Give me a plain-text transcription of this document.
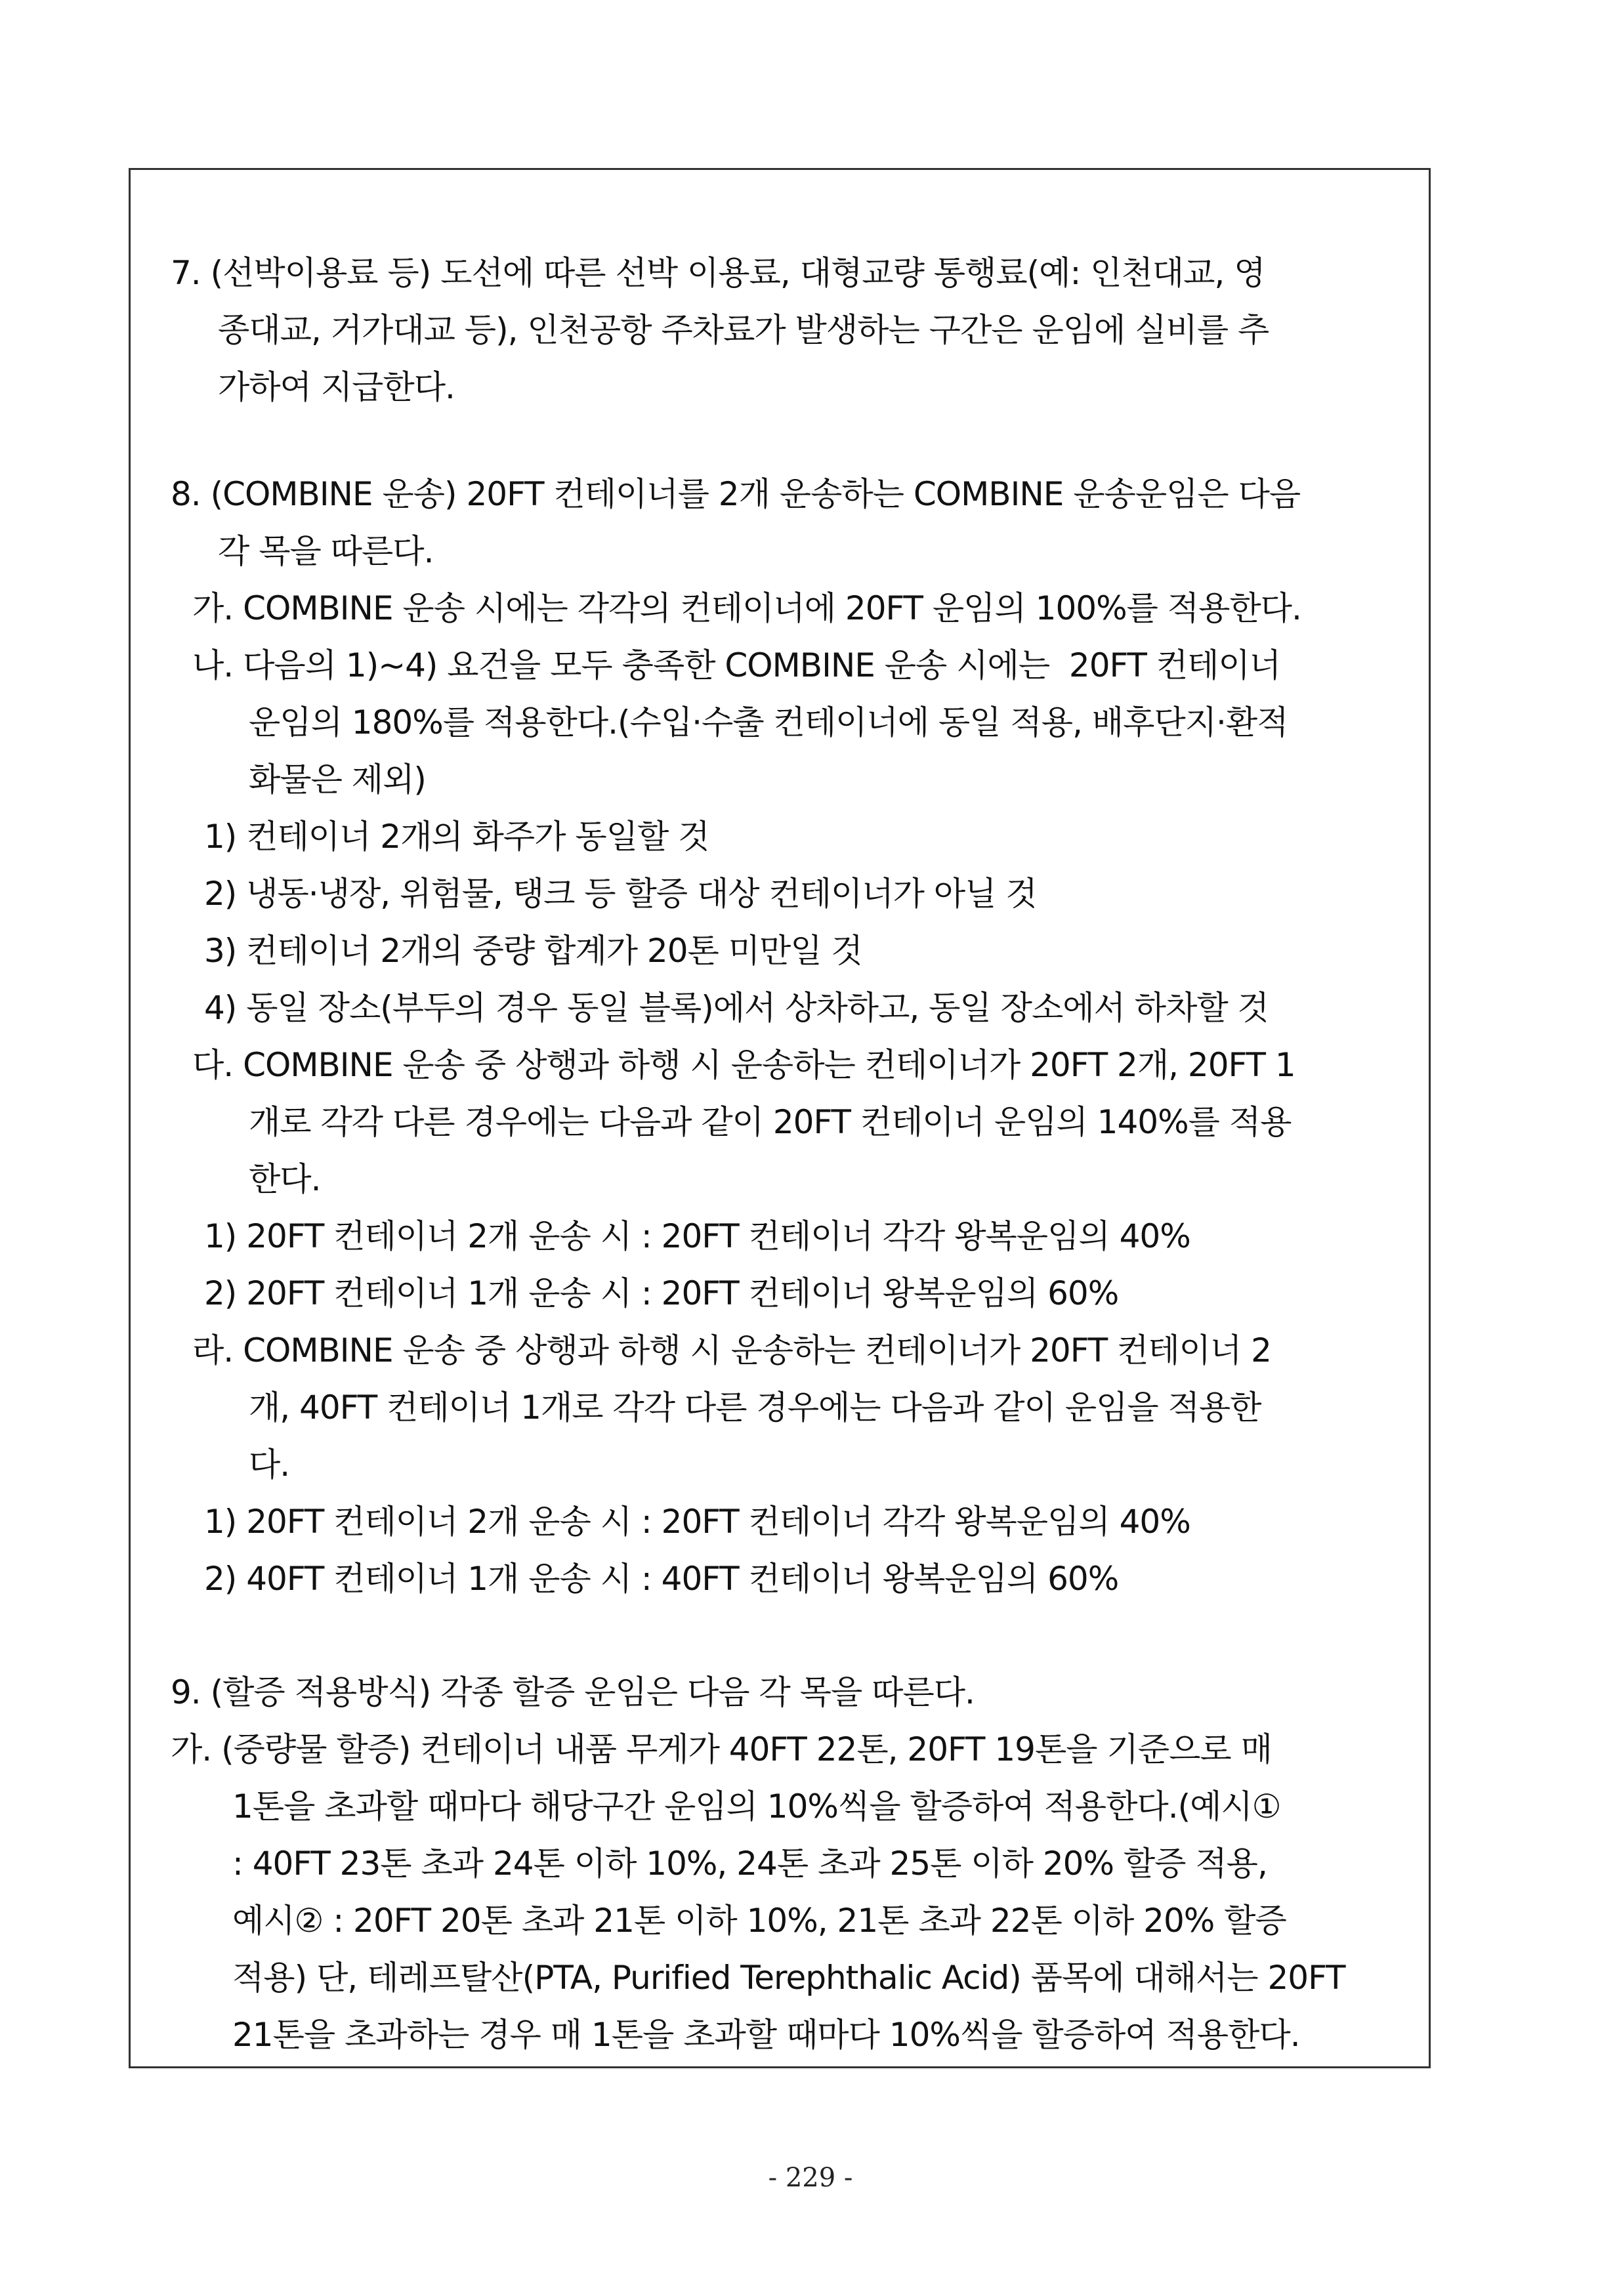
7. (선박이용료 등) 도선에 따른 선박 이용료, 대형교량 통행료(예: 인천대교, 영
종대교, 거가대교 등), 인천공항 주차료가 발생하는 구간은 운임에 실비를 추
가하여 지급한다.
8. (COMBINE 운송) 20FT 컨테이너를 2개 운송하는 COMBINE 운송운임은 다음
각 목을 따른다.
가. COMBINE 운송 시에는 각각의 컨테이너에 20FT 운임의 100%를 적용한다.
나. 다음의 1)~4) 요건을 모두 충족한 COMBINE 운송 시에는  20FT 컨테이너
운임의 180%를 적용한다.(수입·수출 컨테이너에 동일 적용, 배후단지·환적
화물은 제외)
1) 컨테이너 2개의 화주가 동일할 것
2) 냉동·냉장, 위험물, 탱크 등 할증 대상 컨테이너가 아닐 것
3) 컨테이너 2개의 중량 합계가 20톤 미만일 것
4) 동일 장소(부두의 경우 동일 블록)에서 상차하고, 동일 장소에서 하차할 것
다. COMBINE 운송 중 상행과 하행 시 운송하는 컨테이너가 20FT 2개, 20FT 1
개로 각각 다른 경우에는 다음과 같이 20FT 컨테이너 운임의 140%를 적용
한다.
1) 20FT 컨테이너 2개 운송 시 : 20FT 컨테이너 각각 왕복운임의 40%
2) 20FT 컨테이너 1개 운송 시 : 20FT 컨테이너 왕복운임의 60%
라. COMBINE 운송 중 상행과 하행 시 운송하는 컨테이너가 20FT 컨테이너 2
개, 40FT 컨테이너 1개로 각각 다른 경우에는 다음과 같이 운임을 적용한
다.
1) 20FT 컨테이너 2개 운송 시 : 20FT 컨테이너 각각 왕복운임의 40%
2) 40FT 컨테이너 1개 운송 시 : 40FT 컨테이너 왕복운임의 60%
9. (할증 적용방식) 각종 할증 운임은 다음 각 목을 따른다.
가. (중량물 할증) 컨테이너 내품 무게가 40FT 22톤, 20FT 19톤을 기준으로 매
1톤을 초과할 때마다 해당구간 운임의 10%씩을 할증하여 적용한다.(예시①
: 40FT 23톤 초과 24톤 이하 10%, 24톤 초과 25톤 이하 20% 할증 적용,
예시② : 20FT 20톤 초과 21톤 이하 10%, 21톤 초과 22톤 이하 20% 할증
적용) 단, 테레프탈산(PTA, Purified Terephthalic Acid) 품목에 대해서는 20FT
21톤을 초과하는 경우 매 1톤을 초과할 때마다 10%씩을 할증하여 적용한다.
- 229 -
